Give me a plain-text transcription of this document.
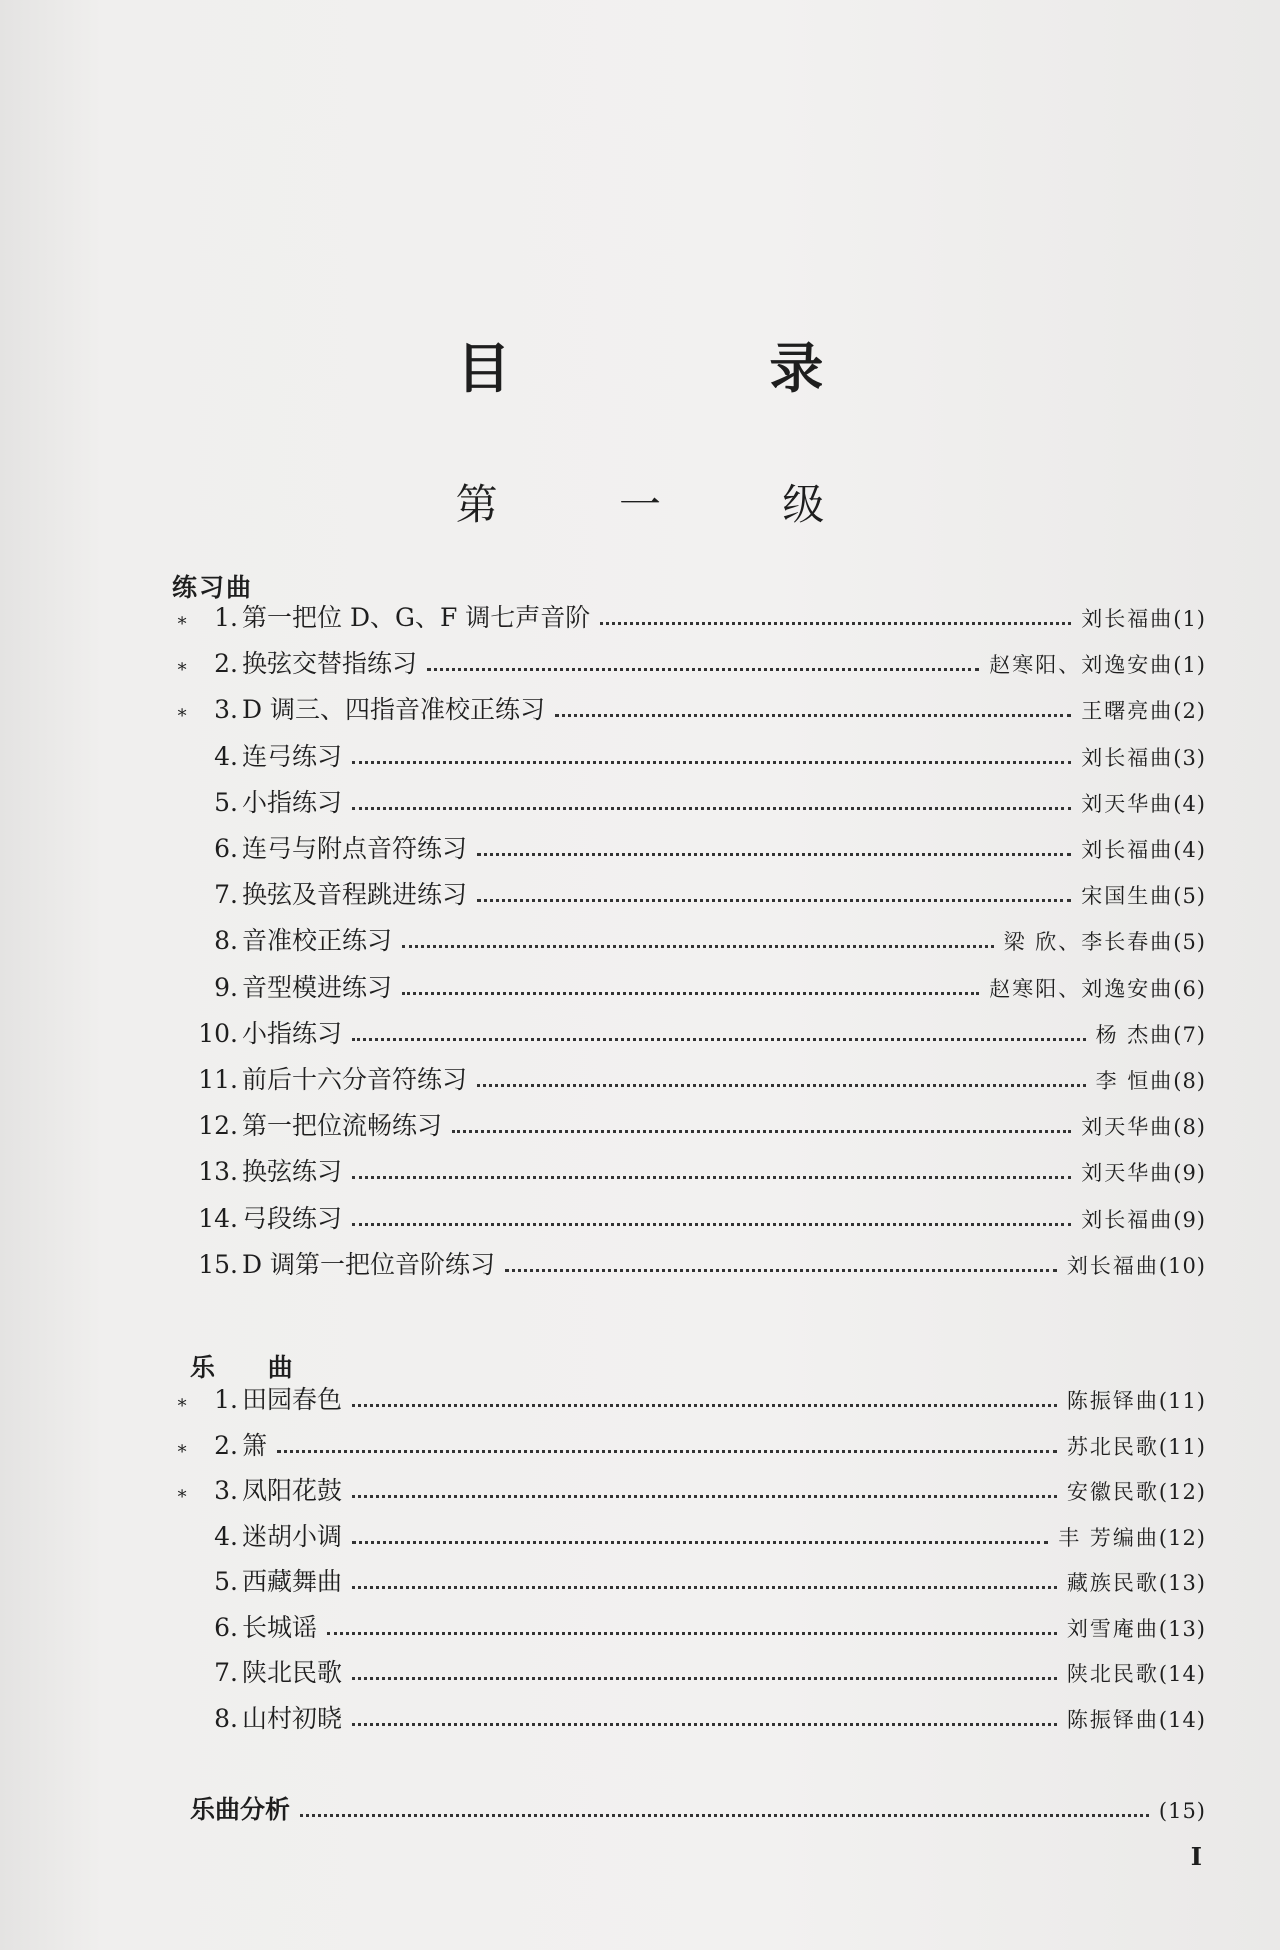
目 录
第 一 级
练习曲
∗	1. 第一把位 D、G、F 调七声音阶	刘长福曲 (1)
∗	2. 换弦交替指练习	赵寒阳、刘逸安曲 (1)
∗	3. D 调三、四指音准校正练习	王曙亮曲 (2)
4. 连弓练习	刘长福曲 (3)
5. 小指练习	刘天华曲 (4)
6. 连弓与附点音符练习	刘长福曲 (4)
7. 换弦及音程跳进练习	宋国生曲 (5)
8. 音准校正练习	梁 欣、李长春曲 (5)
9. 音型模进练习	赵寒阳、刘逸安曲 (6)
10. 小指练习	杨 杰曲 (7)
11. 前后十六分音符练习	李 恒曲 (8)
12. 第一把位流畅练习	刘天华曲 (8)
13. 换弦练习	刘天华曲 (9)
14. 弓段练习	刘长福曲 (9)
15. D 调第一把位音阶练习	刘长福曲 (10)
乐 曲
∗	1. 田园春色	陈振铎曲 (11)
∗	2. 箫	苏北民歌 (11)
∗	3. 凤阳花鼓	安徽民歌 (12)
4. 迷胡小调	丰 芳编曲 (12)
5. 西藏舞曲	藏族民歌 (13)
6. 长城谣	刘雪庵曲 (13)
7. 陕北民歌	陕北民歌 (14)
8. 山村初晓	陈振铎曲 (14)
乐曲分析	(15)
I
